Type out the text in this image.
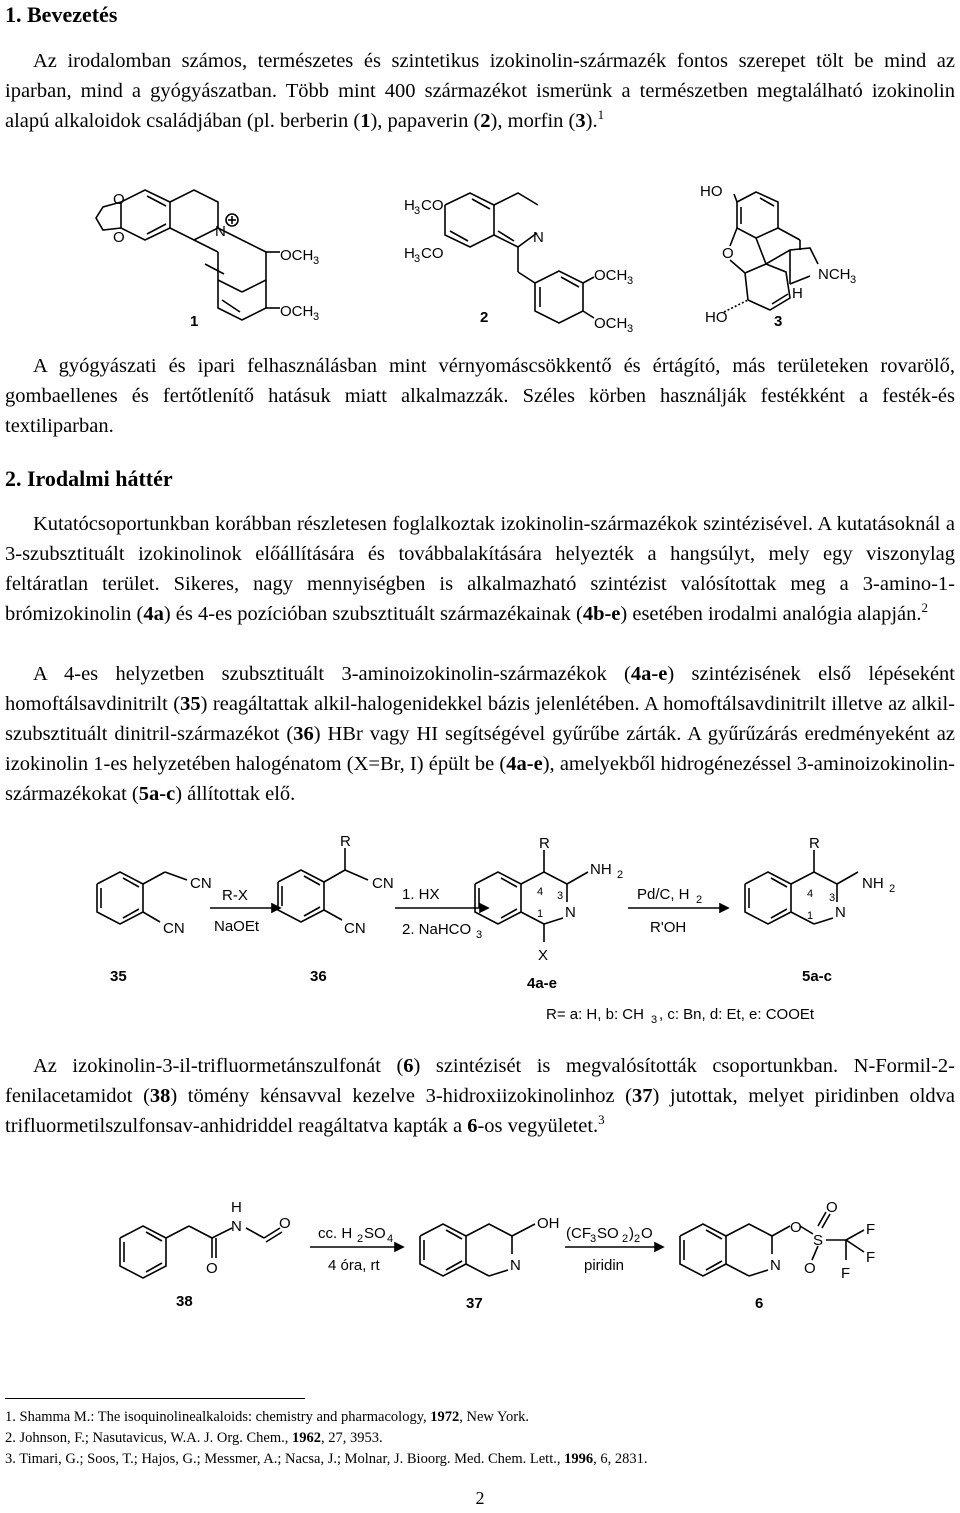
1. Bevezetés
Az irodalomban számos, természetes és szintetikus izokinolin-származék fontos szerepet tölt be mind az iparban, mind a gyógyászatban. Több mint 400 származékot ismerünk a természetben megtalálható izokinolin alapú alkaloidok családjában (pl. berberin (1), papaverin (2), morfin (3).$^1$
O
O	N
OCH 3
OCH 3
1
H 3 CO
H 3 CO
N
OCH 3
OCH 3
2
HO
O
NCH 3
H
HO	3
A gyógyászati és ipari felhasználásban mint vérnyomáscsökkentő és értágító, más területeken rovarölő, gombaellenes és fertőtlenítő hatásuk miatt alkalmazzák. Széles körben használják festékként a festék-és textiliparban.
2. Irodalmi háttér
Kutatócsoportunkban korábban részletesen foglalkoztak izokinolin-származékok szintézisével. A kutatásoknál a 3-szubsztituált izokinolinok előállítására és továbbalakítására helyezték a hangsúlyt, mely egy viszonylag feltáratlan terület. Sikeres, nagy mennyiségben is alkalmazható szintézist valósítottak meg a 3-amino-1-brómizokinolin (4a) és 4-es pozícióban szubsztituált származékainak (4b-e) esetében irodalmi analógia alapján.$^2$
A 4-es helyzetben szubsztituált 3-aminoizokinolin-származékok (4a-e) szintézisének első lépéseként homoftálsavdinitrilt (35) reagáltattak alkil-halogenidekkel bázis jelenlétében. A homoftálsavdinitrilt illetve az alkil-szubsztituált dinitril-származékot (36) HBr vagy HI segítségével gyűrűbe zárták. A gyűrűzárás eredményeként az izokinolin 1-es helyzetében halogénatom (X=Br, I) épült be (4a-e), amelyekből hidrogénezéssel 3-aminoizokinolin-származékokat (5a-c) állítottak elő.
CN
CN
35
R-X
NaOEt
R
CN
CN
36
1. HX
2. NaHCO 3
R
NH 2
N
X
4 3
1
4a-e
Pd/C, H 2
R'OH
R
NH 2
N
4 3
1
5a-c
R= a: H, b: CH 3 , c: Bn, d: Et, e: COOEt
Az izokinolin-3-il-trifluormetánszulfonát (6) szintézisét is megvalósították csoportunkban. N-Formil-2-fenilacetamidot (38) tömény kénsavval kezelve 3-hidroxiizokinolinhoz (37) jutottak, melyet piridinben oldva trifluormetilszulfonsav-anhidriddel reagáltatva kapták a 6-os vegyületet.$^3$
H
N
O
O
38
cc. H 2 SO 4
4 óra, rt
OH
N
37
(CF 3 SO 2 ) 2 O
piridin
O
S
O
O
F
F
F
N
6
1. Shamma M.: The isoquinolinealkaloids: chemistry and pharmacology, 1972, New York.
2. Johnson, F.; Nasutavicus, W.A. J. Org. Chem., 1962, 27, 3953.
3. Timari, G.; Soos, T.; Hajos, G.; Messmer, A.; Nacsa, J.; Molnar, J. Bioorg. Med. Chem. Lett., 1996, 6, 2831.
2
